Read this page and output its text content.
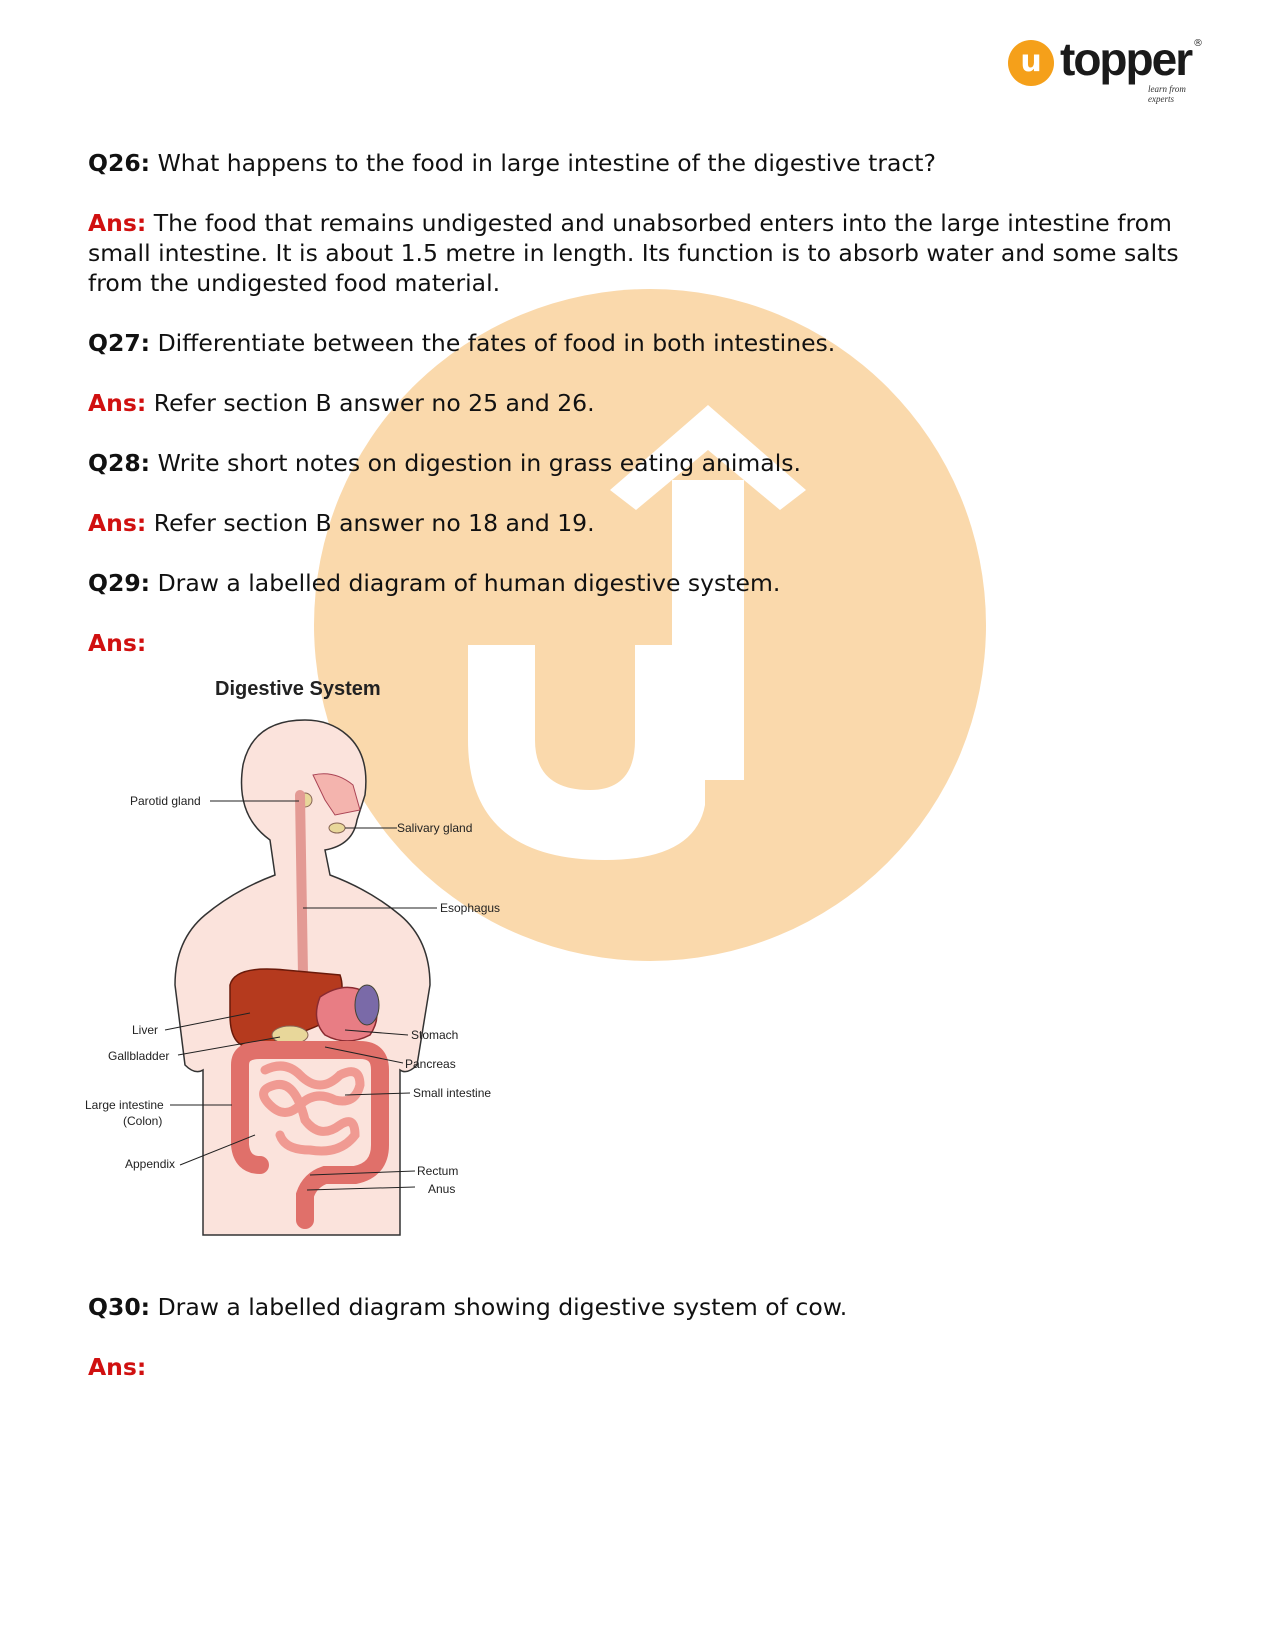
u topper ®
learn from experts

Q26: What happens to the food in large intestine of the digestive tract?

Ans: The food that remains undigested and unabsorbed enters into the large intestine from small intestine. It is about 1.5 metre in length. Its function is to absorb water and some salts from the undigested food material.

Q27: Differentiate between the fates of food in both intestines.

Ans: Refer section B answer no 25 and 26.

Q28: Write short notes on digestion in grass eating animals.

Ans: Refer section B answer no 18 and 19.

Q29: Draw a labelled diagram of human digestive system.

Ans:

Q30: Draw a labelled diagram showing digestive system of cow.

Ans:

Digestive System
Parotid gland
Salivary gland
Esophagus
Liver
Gallbladder
Stomach
Pancreas
Small intestine
Large intestine
(Colon)
Appendix	Rectum
Anus
